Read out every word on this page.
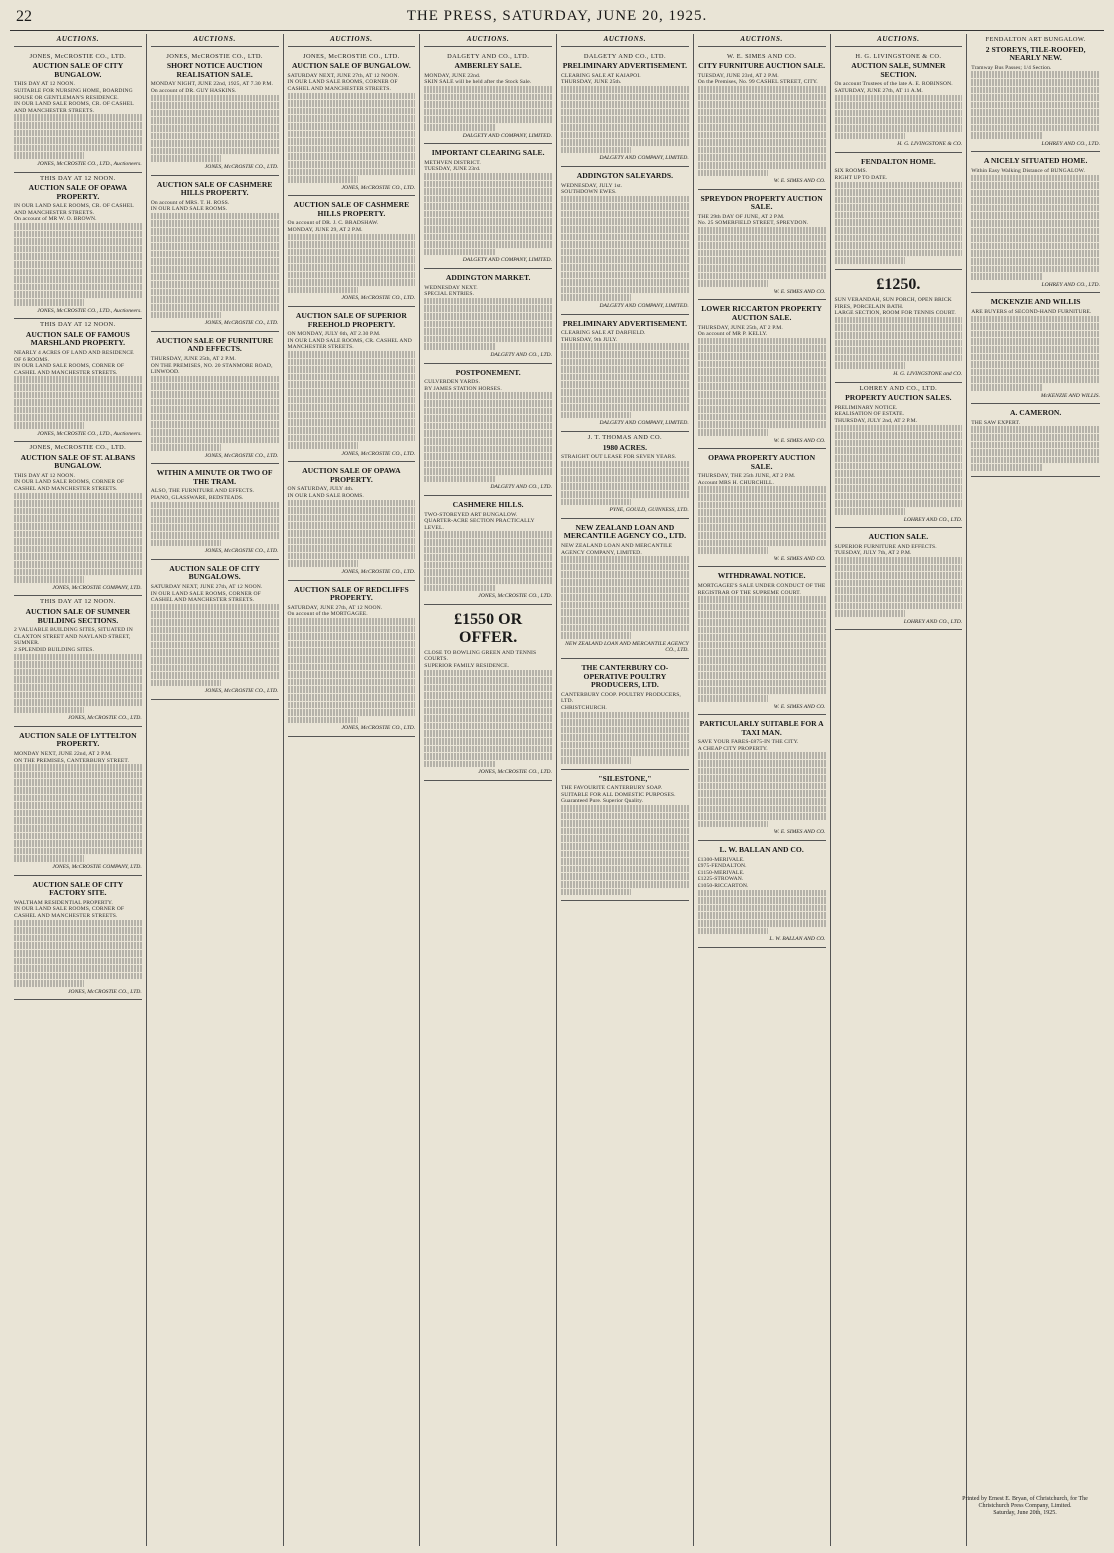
22	THE PRESS, SATURDAY, JUNE 20, 1925.
AUCTIONS.
JONES, McCROSTIE CO., LTD.
AUCTION SALE OF CITY BUNGALOW.
THIS DAY AT 12 NOON.
SUITABLE FOR NURSING HOME, BOARDING HOUSE OR GENTLEMAN'S RESIDENCE.
IN OUR LAND SALE ROOMS, CR. OF CASHEL AND MANCHESTER STREETS.
JONES, McCROSTIE CO., LTD., Auctioneers.
THIS DAY AT 12 NOON.
AUCTION SALE OF OPAWA PROPERTY.
IN OUR LAND SALE ROOMS, CR. OF CASHEL AND MANCHESTER STREETS.
On account of MR W. O. BROWN.
JONES, McCROSTIE CO., LTD., Auctioneers.
THIS DAY AT 12 NOON.
AUCTION SALE OF FAMOUS MARSHLAND PROPERTY.
NEARLY 4 ACRES OF LAND AND RESIDENCE OF 6 ROOMS.
IN OUR LAND SALE ROOMS, CORNER OF CASHEL AND MANCHESTER STREETS.
JONES, McCROSTIE CO., LTD., Auctioneers.
JONES, McCROSTIE CO., LTD.
AUCTION SALE OF ST. ALBANS BUNGALOW.
THIS DAY AT 12 NOON.
IN OUR LAND SALE ROOMS, CORNER OF CASHEL AND MANCHESTER STREETS.
JONES, McCROSTIE COMPANY, LTD.
THIS DAY AT 12 NOON.
AUCTION SALE OF SUMNER BUILDING SECTIONS.
2 VALUABLE BUILDING SITES, SITUATED IN CLAXTON STREET AND NAYLAND STREET, SUMNER.
2 SPLENDID BUILDING SITES.
JONES, McCROSTIE CO., LTD.
AUCTION SALE OF LYTTELTON PROPERTY.
MONDAY NEXT, JUNE 22nd, AT 2 P.M.
ON THE PREMISES, CANTERBURY STREET.
JONES, McCROSTIE COMPANY, LTD.
AUCTION SALE OF CITY FACTORY SITE.
WALTHAM RESIDENTIAL PROPERTY.
IN OUR LAND SALE ROOMS, CORNER OF CASHEL AND MANCHESTER STREETS.
JONES, McCROSTIE CO., LTD.
AUCTIONS.
JONES, McCROSTIE CO., LTD.
SHORT NOTICE AUCTION REALISATION SALE.
MONDAY NIGHT, JUNE 22nd, 1925, AT 7.30 P.M.
On account of DR. GUY HASKINS.
JONES, McCROSTIE CO., LTD.
AUCTION SALE OF CASHMERE HILLS PROPERTY.
On account of MRS. T. H. ROSS.
IN OUR LAND SALE ROOMS.
JONES, McCROSTIE CO., LTD.
AUCTION SALE OF FURNITURE AND EFFECTS.
THURSDAY, JUNE 25th, AT 2 P.M.
ON THE PREMISES, NO. 20 STANMORE ROAD, LINWOOD.
JONES, McCROSTIE CO., LTD.
WITHIN A MINUTE OR TWO OF THE TRAM.
ALSO, THE FURNITURE AND EFFECTS.
PIANO, GLASSWARE, BEDSTEADS.
JONES, McCROSTIE CO., LTD.
AUCTION SALE OF CITY BUNGALOWS.
SATURDAY NEXT, JUNE 27th, AT 12 NOON.
IN OUR LAND SALE ROOMS, CORNER OF CASHEL AND MANCHESTER STREETS.
JONES, McCROSTIE CO., LTD.
AUCTIONS.
JONES, McCROSTIE CO., LTD.
AUCTION SALE OF BUNGALOW.
SATURDAY NEXT, JUNE 27th, AT 12 NOON.
IN OUR LAND SALE ROOMS, CORNER OF CASHEL AND MANCHESTER STREETS.
JONES, McCROSTIE CO., LTD.
AUCTION SALE OF CASHMERE HILLS PROPERTY.
On account of DR. J. C. BRADSHAW.
MONDAY, JUNE 29, AT 2 P.M.
JONES, McCROSTIE CO., LTD.
AUCTION SALE OF SUPERIOR FREEHOLD PROPERTY.
ON MONDAY, JULY 6th, AT 2.30 P.M.
IN OUR LAND SALE ROOMS, CR. CASHEL AND MANCHESTER STREETS.
JONES, McCROSTIE CO., LTD.
AUCTION SALE OF OPAWA PROPERTY.
ON SATURDAY, JULY 4th.
IN OUR LAND SALE ROOMS.
JONES, McCROSTIE CO., LTD.
AUCTION SALE OF REDCLIFFS PROPERTY.
SATURDAY, JUNE 27th, AT 12 NOON.
On account of the MORTGAGEE.
JONES, McCROSTIE CO., LTD.
AUCTIONS.
DALGETY AND CO., LTD.
AMBERLEY SALE.
MONDAY, JUNE 22nd.
SKIN SALE will be held after the Stock Sale.
DALGETY AND COMPANY, LIMITED.
IMPORTANT CLEARING SALE.
METHVEN DISTRICT.
TUESDAY, JUNE 23rd.
DALGETY AND COMPANY, LIMITED.
ADDINGTON MARKET.
WEDNESDAY NEXT.
SPECIAL ENTRIES.
DALGETY AND CO., LTD.
POSTPONEMENT.
CULVERDEN YARDS.
BY JAMES STATION HORSES.
DALGETY AND CO., LTD.
CASHMERE HILLS.
TWO-STOREYED ART BUNGALOW.
QUARTER-ACRE SECTION PRACTICALLY LEVEL.
JONES, McCROSTIE CO., LTD.
£1550 OR OFFER.
CLOSE TO BOWLING GREEN AND TENNIS COURTS.
SUPERIOR FAMILY RESIDENCE.
JONES, McCROSTIE CO., LTD.
AUCTIONS.
DALGETY AND CO., LTD.
PRELIMINARY ADVERTISEMENT.
CLEARING SALE AT KAIAPOI.
THURSDAY, JUNE 25th.
DALGETY AND COMPANY, LIMITED.
ADDINGTON SALEYARDS.
WEDNESDAY, JULY 1st.
SOUTHDOWN EWES.
DALGETY AND COMPANY, LIMITED.
PRELIMINARY ADVERTISEMENT.
CLEARING SALE AT DARFIELD.
THURSDAY, 9th JULY.
DALGETY AND COMPANY, LIMITED.
J. T. THOMAS AND CO.
1980 ACRES.
STRAIGHT OUT LEASE FOR SEVEN YEARS.
PYNE, GOULD, GUINNESS, LTD.
NEW ZEALAND LOAN AND MERCANTILE AGENCY CO., LTD.
NEW ZEALAND LOAN AND MERCANTILE AGENCY COMPANY, LIMITED.
NEW ZEALAND LOAN AND MERCANTILE AGENCY CO., LTD.
THE CANTERBURY CO-OPERATIVE POULTRY PRODUCERS, LTD.
CANTERBURY COOP. POULTRY PRODUCERS, LTD.
CHRISTCHURCH.
"SILESTONE,"
THE FAVOURITE CANTERBURY SOAP.
SUITABLE FOR ALL DOMESTIC PURPOSES.
Guaranteed Pure. Superior Quality.
AUCTIONS.
W. E. SIMES AND CO.
CITY FURNITURE AUCTION SALE.
TUESDAY, JUNE 23rd, AT 2 P.M.
On the Premises, No. 99 CASHEL STREET, CITY.
W. E. SIMES AND CO.
SPREYDON PROPERTY AUCTION SALE.
THE 29th DAY OF JUNE, AT 2 P.M.
No. 25 SOMERFIELD STREET, SPREYDON.
W. E. SIMES AND CO.
LOWER RICCARTON PROPERTY AUCTION SALE.
THURSDAY, JUNE 25th, AT 2 P.M.
On account of MR P. KELLY.
W. E. SIMES AND CO.
OPAWA PROPERTY AUCTION SALE.
THURSDAY, THE 25th JUNE, AT 2 P.M.
Account MRS H. CHURCHILL.
W. E. SIMES AND CO.
WITHDRAWAL NOTICE.
MORTGAGEE'S SALE UNDER CONDUCT OF THE REGISTRAR OF THE SUPREME COURT.
W. E. SIMES AND CO.
PARTICULARLY SUITABLE FOR A TAXI MAN.
SAVE YOUR FARES-£875-IN THE CITY.
A CHEAP CITY PROPERTY.
W. E. SIMES AND CO.
L. W. BALLAN AND CO.
£1300-MERIVALE.
£975-FENDALTON.
£1150-MERIVALE.
£1225-STROWAN.
£1050-RICCARTON.
L. W. BALLAN AND CO.
AUCTIONS.
H. G. LIVINGSTONE & CO.
AUCTION SALE, SUMNER SECTION.
On account Trustees of the late A. E. ROBINSON.
SATURDAY, JUNE 27th, AT 11 A.M.
H. G. LIVINGSTONE & CO.
FENDALTON HOME.
SIX ROOMS.
RIGHT UP TO DATE.
£1250.
SUN VERANDAH, SUN PORCH, OPEN BRICK FIRES, PORCELAIN BATH.
LARGE SECTION, ROOM FOR TENNIS COURT.
H. G. LIVINGSTONE and CO.
LOHREY AND CO., LTD.
PROPERTY AUCTION SALES.
PRELIMINARY NOTICE.
REALISATION OF ESTATE.
THURSDAY, JULY 2nd, AT 2 P.M.
LOHREY AND CO., LTD.
AUCTION SALE.
SUPERIOR FURNITURE AND EFFECTS.
TUESDAY, JULY 7th, AT 2 P.M.
LOHREY AND CO., LTD.
FENDALTON ART BUNGALOW.
2 STOREYS, TILE-ROOFED, NEARLY NEW.
Tramway Bus Passes; 1/4 Section.
LOHREY AND CO., LTD.
A NICELY SITUATED HOME.
Within Easy Walking Distance of BUNGALOW.
LOHREY AND CO., LTD.
MCKENZIE AND WILLIS
ARE BUYERS of SECOND-HAND FURNITURE.
McKENZIE AND WILLIS.
A. CAMERON.
THE SAW EXPERT.
Printed by Ernest E. Bryan, of Christchurch, for The Christchurch Press Company, Limited.
Saturday, June 20th, 1925.
